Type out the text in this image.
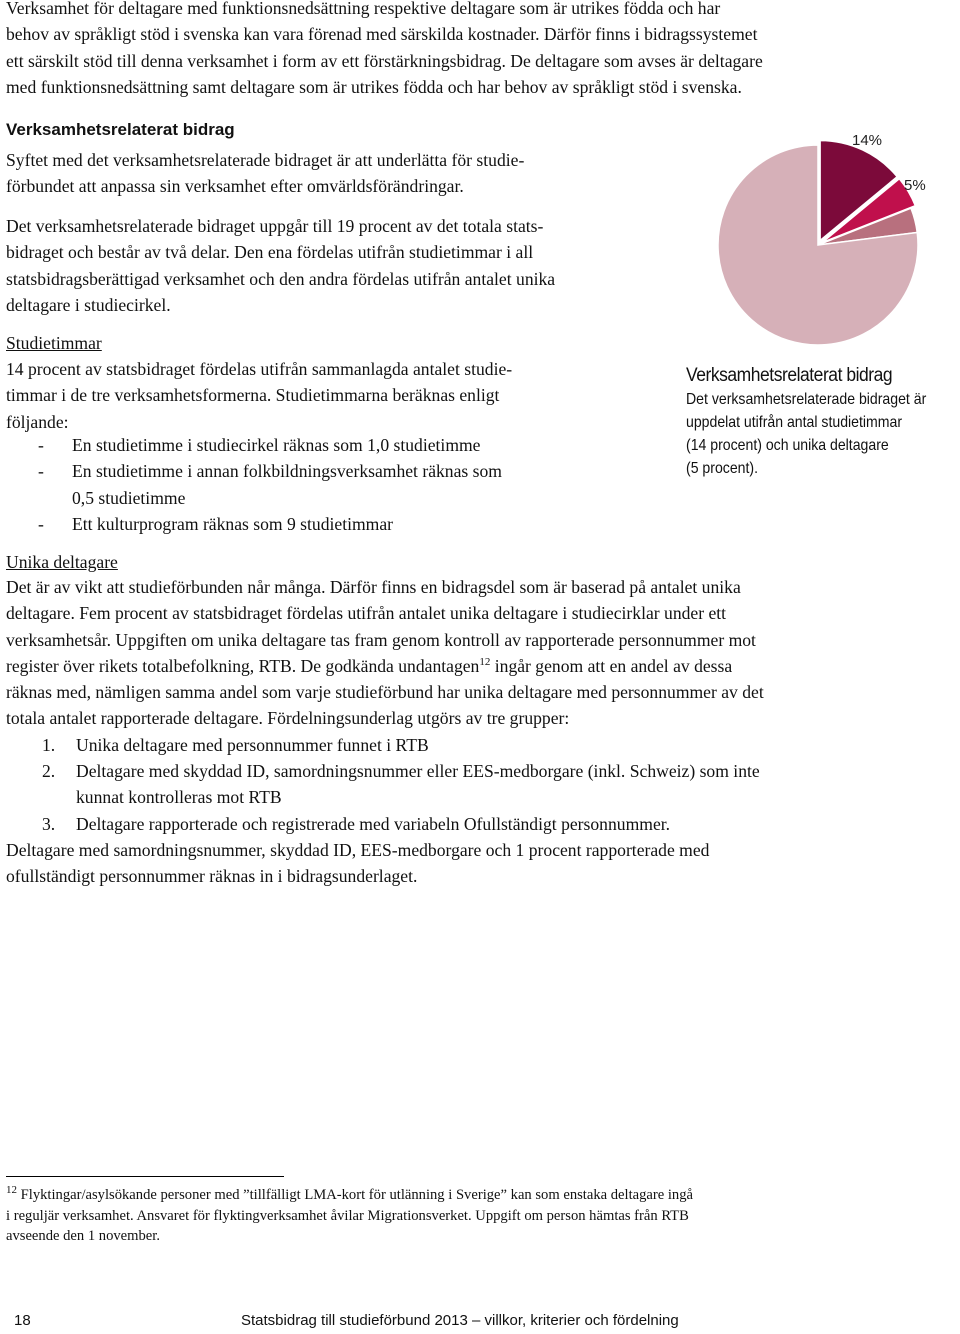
Verksamhet för deltagare med funktionsnedsättning respektive deltagare som är utrikes födda och har

behov av språkligt stöd i svenska kan vara förenad med särskilda kostnader. Därför finns i bidragssystemet

ett särskilt stöd till denna verksamhet i form av ett förstärkningsbidrag. De deltagare som avses är deltagare

med funktionsnedsättning samt deltagare som är utrikes födda och har behov av språkligt stöd i svenska.

Verksamhetsrelaterat bidrag

Syftet med det verksamhetsrelaterade bidraget är att underlätta för studie-

förbundet att anpassa sin verksamhet efter omvärldsförändringar.

Det verksamhetsrelaterade bidraget uppgår till 19 procent av det totala stats-

bidraget och består av två delar. Den ena fördelas utifrån studietimmar i all

statsbidragsberättigad verksamhet och den andra fördelas utifrån antalet unika

deltagare i studiecirkel.

Studietimmar

14 procent av statsbidraget fördelas utifrån sammanlagda antalet studie-

timmar i de tre verksamhetsformerna. Studietimmarna beräknas enligt

följande:

- En studietimme i studiecirkel räknas som 1,0 studietimme

- En studietimme i annan folkbildningsverksamhet räknas som

0,5 studietimme

- Ett kulturprogram räknas som 9 studietimmar

14%
5%
Verksamhetsrelaterat bidrag
Det verksamhetsrelaterade bidraget är
uppdelat utifrån antal studietimmar
(14 procent) och unika deltagare
(5 procent).
Unika deltagare

Det är av vikt att studieförbunden når många. Därför finns en bidragsdel som är baserad på antalet unika

deltagare. Fem procent av statsbidraget fördelas utifrån antalet unika deltagare i studiecirklar under ett

verksamhetsår. Uppgiften om unika deltagare tas fram genom kontroll av rapporterade personnummer mot

register över rikets totalbefolkning, RTB. De godkända undantagen$^{12}$ ingår genom att en andel av dessa

räknas med, nämligen samma andel som varje studieförbund har unika deltagare med personnummer av det

totala antalet rapporterade deltagare. Fördelningsunderlag utgörs av tre grupper:

1. Unika deltagare med personnummer funnet i RTB

2. Deltagare med skyddad ID, samordningsnummer eller EES-medborgare (inkl. Schweiz) som inte

kunnat kontrolleras mot RTB

3. Deltagare rapporterade och registrerade med variabeln Ofullständigt personnummer.

Deltagare med samordningsnummer, skyddad ID, EES-medborgare och 1 procent rapporterade med

ofullständigt personnummer räknas in i bidragsunderlaget.

$^{12}$ Flyktingar/asylsökande personer med ”tillfälligt LMA-kort för utlänning i Sverige” kan som enstaka deltagare ingå

i reguljär verksamhet. Ansvaret för flyktingverksamhet åvilar Migrationsverket. Uppgift om person hämtas från RTB

avseende den 1 november.

18	Statsbidrag till studieförbund 2013 – villkor, kriterier och fördelning
